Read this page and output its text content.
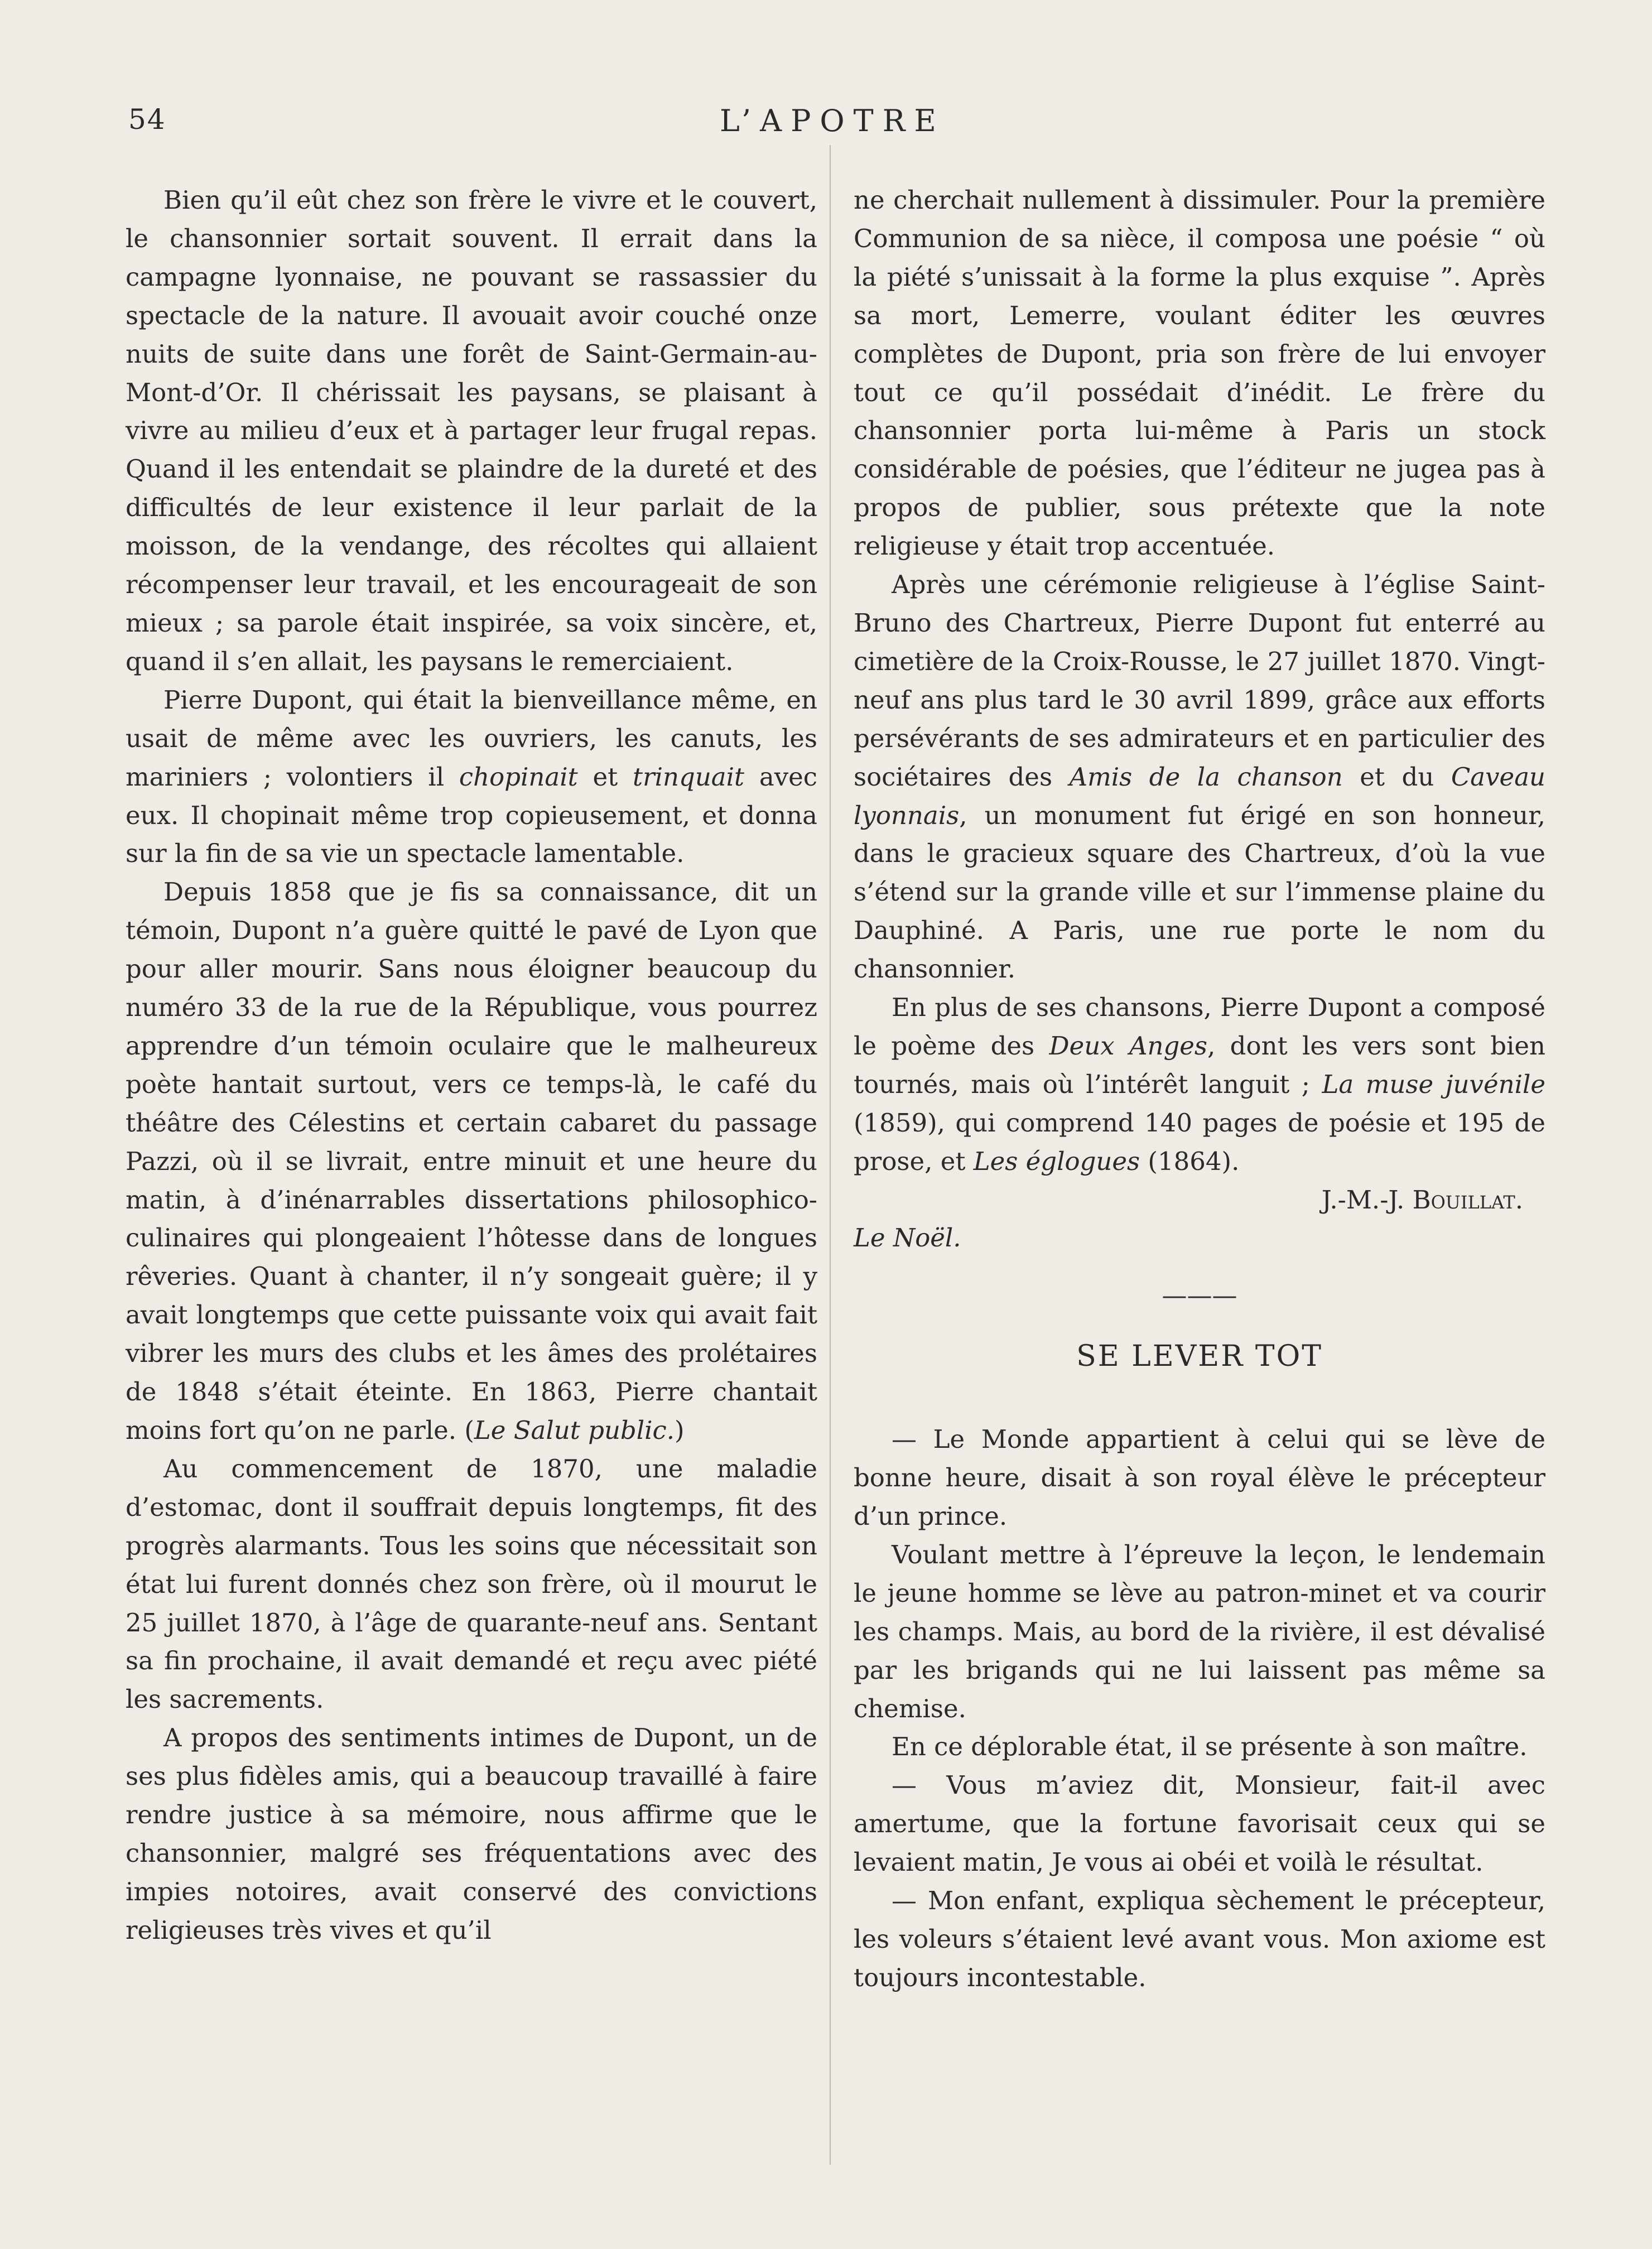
54	L’APOTRE

Bien qu’il eût chez son frère le vivre et le couvert, le chansonnier sortait souvent. Il errait dans la campagne lyonnaise, ne pouvant se rassassier du spectacle de la nature. Il avouait avoir couché onze nuits de suite dans une forêt de Saint-Germain-au-Mont-d’Or. Il chérissait les paysans, se plaisant à vivre au milieu d’eux et à partager leur frugal repas. Quand il les entendait se plaindre de la dureté et des difficultés de leur existence il leur parlait de la moisson, de la vendange, des récoltes qui allaient récompenser leur travail, et les encourageait de son mieux ; sa parole était inspirée, sa voix sincère, et, quand il s’en allait, les paysans le remerciaient.

Pierre Dupont, qui était la bienveillance même, en usait de même avec les ouvriers, les canuts, les mariniers ; volontiers il chopinait et trinquait avec eux. Il chopinait même trop copieusement, et donna sur la fin de sa vie un spectacle lamentable.

Depuis 1858 que je fis sa connaissance, dit un témoin, Dupont n’a guère quitté le pavé de Lyon que pour aller mourir. Sans nous éloigner beaucoup du numéro 33 de la rue de la République, vous pourrez apprendre d’un témoin oculaire que le malheureux poète hantait surtout, vers ce temps-là, le café du théâtre des Célestins et certain cabaret du passage Pazzi, où il se livrait, entre minuit et une heure du matin, à d’inénarrables dissertations philosophico-culinaires qui plongeaient l’hôtesse dans de longues rêveries. Quant à chanter, il n’y songeait guère; il y avait longtemps que cette puissante voix qui avait fait vibrer les murs des clubs et les âmes des prolétaires de 1848 s’était éteinte. En 1863, Pierre chantait moins fort qu’on ne parle. (Le Salut public.)

Au commencement de 1870, une maladie d’estomac, dont il souffrait depuis longtemps, fit des progrès alarmants. Tous les soins que nécessitait son état lui furent donnés chez son frère, où il mourut le 25 juillet 1870, à l’âge de quarante-neuf ans. Sentant sa fin prochaine, il avait demandé et reçu avec piété les sacrements.

A propos des sentiments intimes de Dupont, un de ses plus fidèles amis, qui a beaucoup travaillé à faire rendre justice à sa mémoire, nous affirme que le chansonnier, malgré ses fréquentations avec des impies notoires, avait conservé des convictions religieuses très vives et qu’il

ne cherchait nullement à dissimuler. Pour la première Communion de sa nièce, il composa une poésie “ où la piété s’unissait à la forme la plus exquise ”. Après sa mort, Lemerre, voulant éditer les œuvres complètes de Dupont, pria son frère de lui envoyer tout ce qu’il possédait d’inédit. Le frère du chansonnier porta lui-même à Paris un stock considérable de poésies, que l’éditeur ne jugea pas à propos de publier, sous prétexte que la note religieuse y était trop accentuée.

Après une cérémonie religieuse à l’église Saint-Bruno des Chartreux, Pierre Dupont fut enterré au cimetière de la Croix-Rousse, le 27 juillet 1870. Vingt-neuf ans plus tard le 30 avril 1899, grâce aux efforts persévérants de ses admirateurs et en particulier des sociétaires des Amis de la chanson et du Caveau lyonnais, un monument fut érigé en son honneur, dans le gracieux square des Chartreux, d’où la vue s’étend sur la grande ville et sur l’immense plaine du Dauphiné. A Paris, une rue porte le nom du chansonnier.

En plus de ses chansons, Pierre Dupont a composé le poème des Deux Anges, dont les vers sont bien tournés, mais où l’intérêt languit ; La muse juvénile (1859), qui comprend 140 pages de poésie et 195 de prose, et Les églogues (1864).

J.-M.-J. Bouillat.

Le Noël.

———
SE LEVER TOT

— Le Monde appartient à celui qui se lève de bonne heure, disait à son royal élève le précepteur d’un prince.

Voulant mettre à l’épreuve la leçon, le lendemain le jeune homme se lève au patron-minet et va courir les champs. Mais, au bord de la rivière, il est dévalisé par les brigands qui ne lui laissent pas même sa chemise.

En ce déplorable état, il se présente à son maître.

— Vous m’aviez dit, Monsieur, fait-il avec amertume, que la fortune favorisait ceux qui se levaient matin, Je vous ai obéi et voilà le résultat.

— Mon enfant, expliqua sèchement le précepteur, les voleurs s’étaient levé avant vous. Mon axiome est toujours incontestable.
